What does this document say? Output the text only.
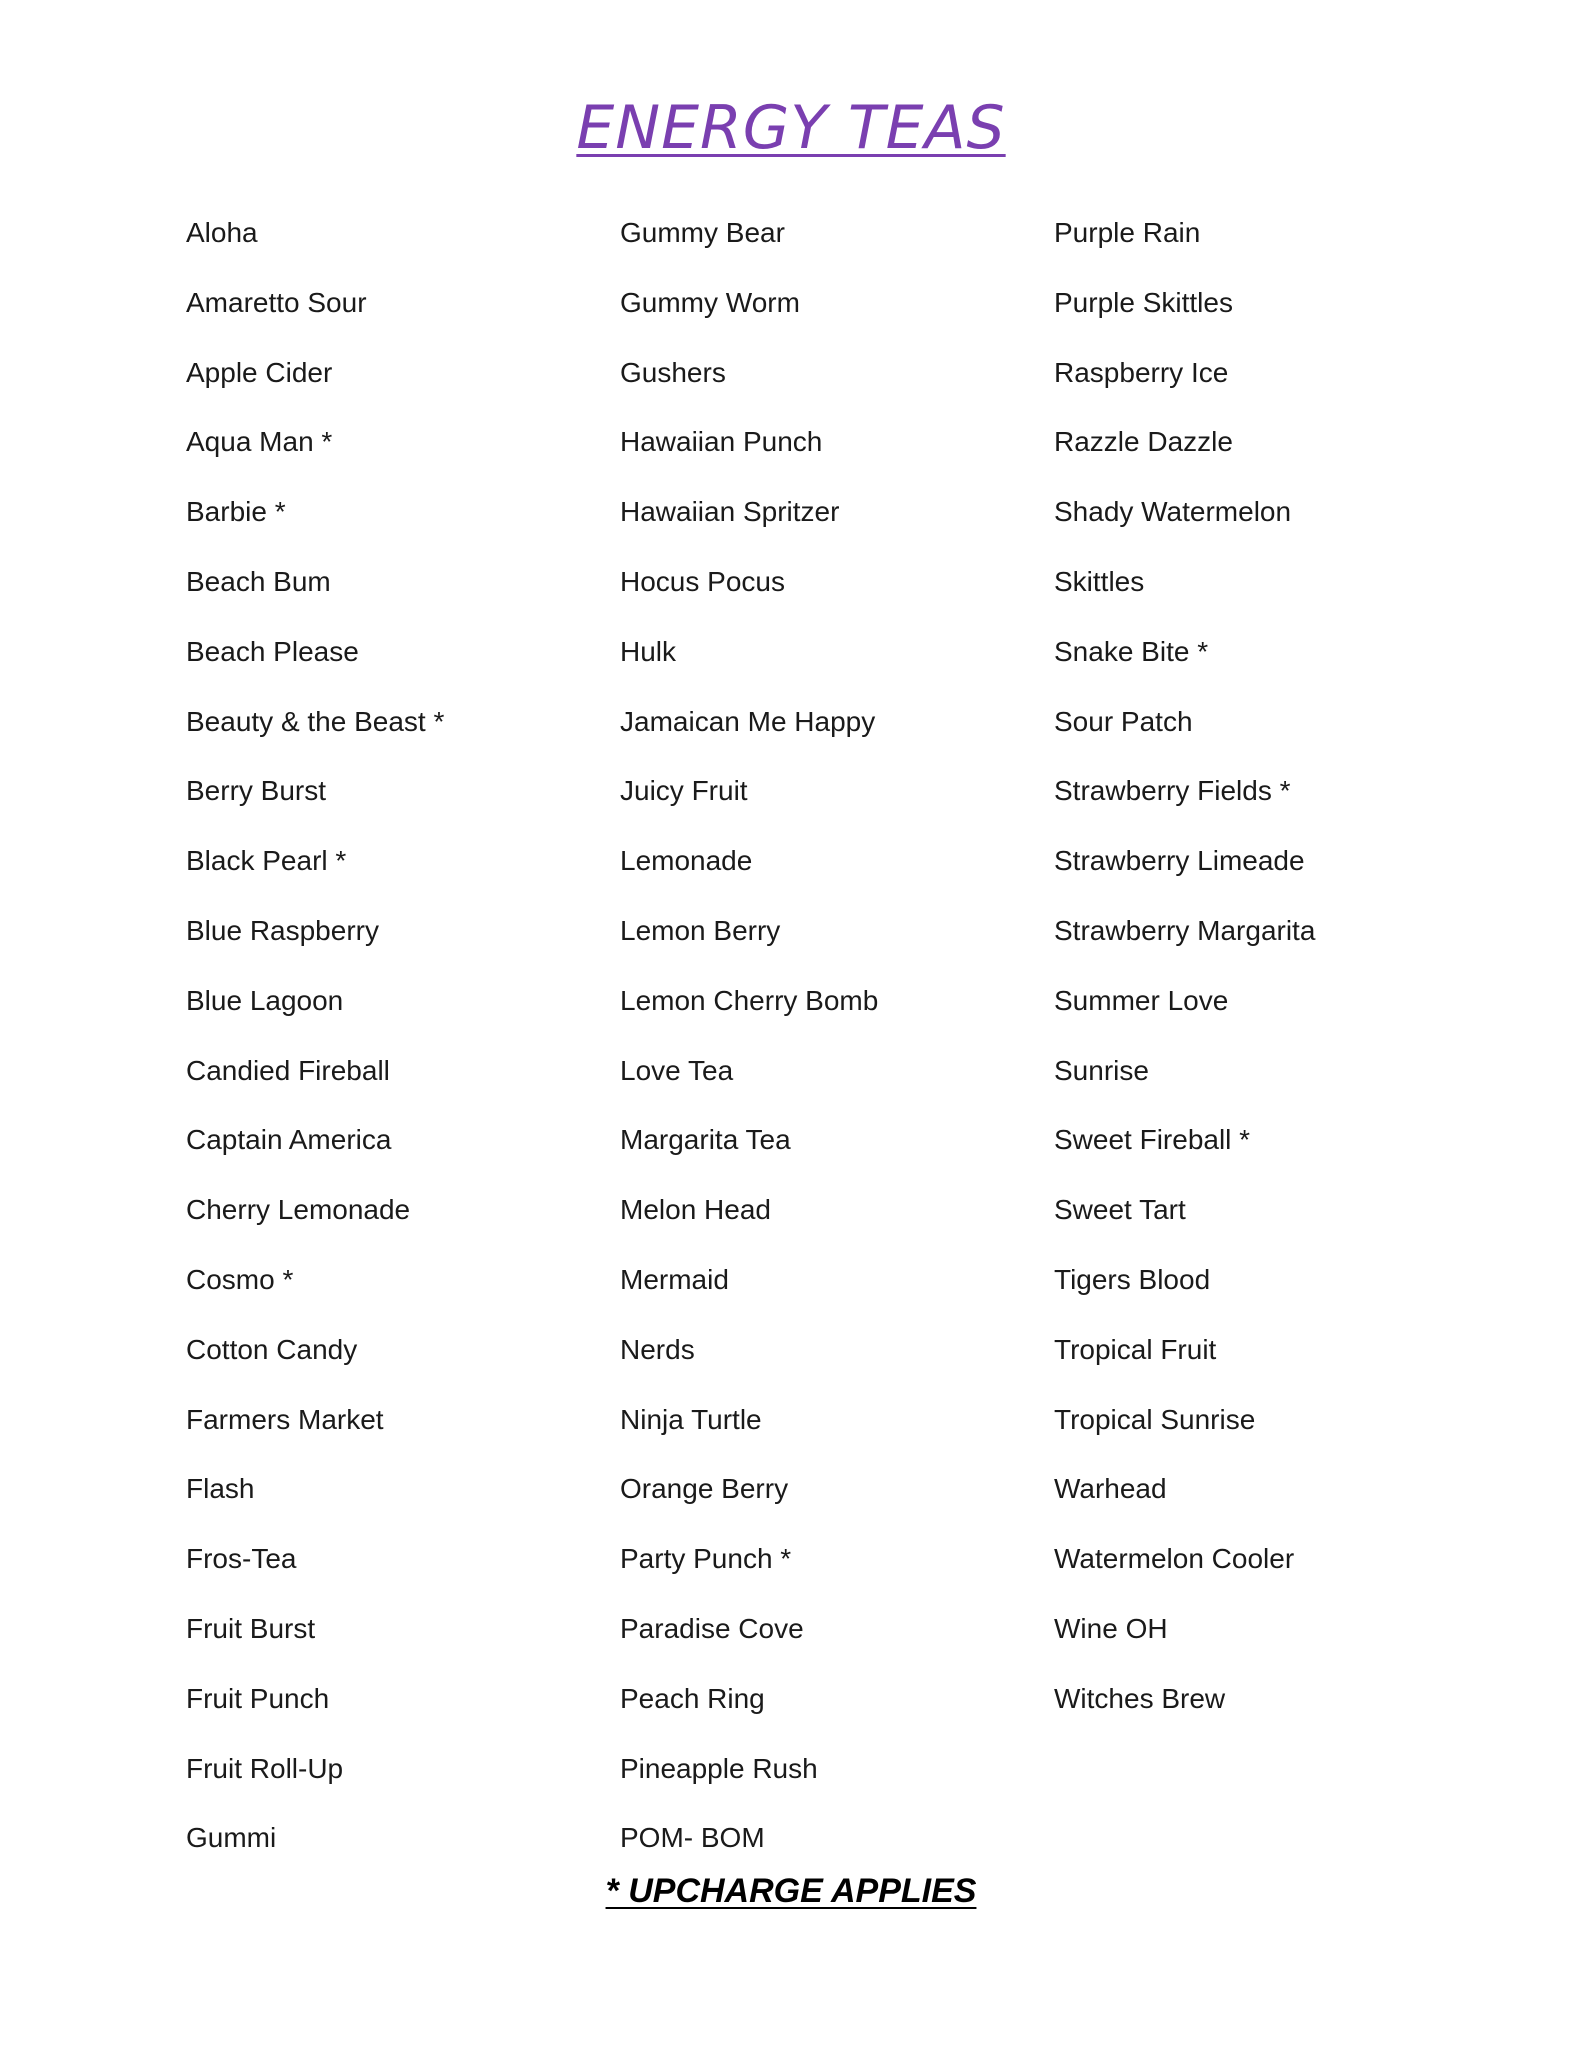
ENERGY TEAS
Aloha
Amaretto Sour
Apple Cider
Aqua Man *
Barbie *
Beach Bum
Beach Please
Beauty & the Beast *
Berry Burst
Black Pearl *
Blue Raspberry
Blue Lagoon
Candied Fireball
Captain America
Cherry Lemonade
Cosmo *
Cotton Candy
Farmers Market
Flash
Fros-Tea
Fruit Burst
Fruit Punch
Fruit Roll-Up
Gummi
Gummy Bear
Gummy Worm
Gushers
Hawaiian Punch
Hawaiian Spritzer
Hocus Pocus
Hulk
Jamaican Me Happy
Juicy Fruit
Lemonade
Lemon Berry
Lemon Cherry Bomb
Love Tea
Margarita Tea
Melon Head
Mermaid
Nerds
Ninja Turtle
Orange Berry
Party Punch *
Paradise Cove
Peach Ring
Pineapple Rush
POM- BOM
Purple Rain
Purple Skittles
Raspberry Ice
Razzle Dazzle
Shady Watermelon
Skittles
Snake Bite *
Sour Patch
Strawberry Fields *
Strawberry Limeade
Strawberry Margarita
Summer Love
Sunrise
Sweet Fireball *
Sweet Tart
Tigers Blood
Tropical Fruit
Tropical Sunrise
Warhead
Watermelon Cooler
Wine OH
Witches Brew
* UPCHARGE APPLIES
